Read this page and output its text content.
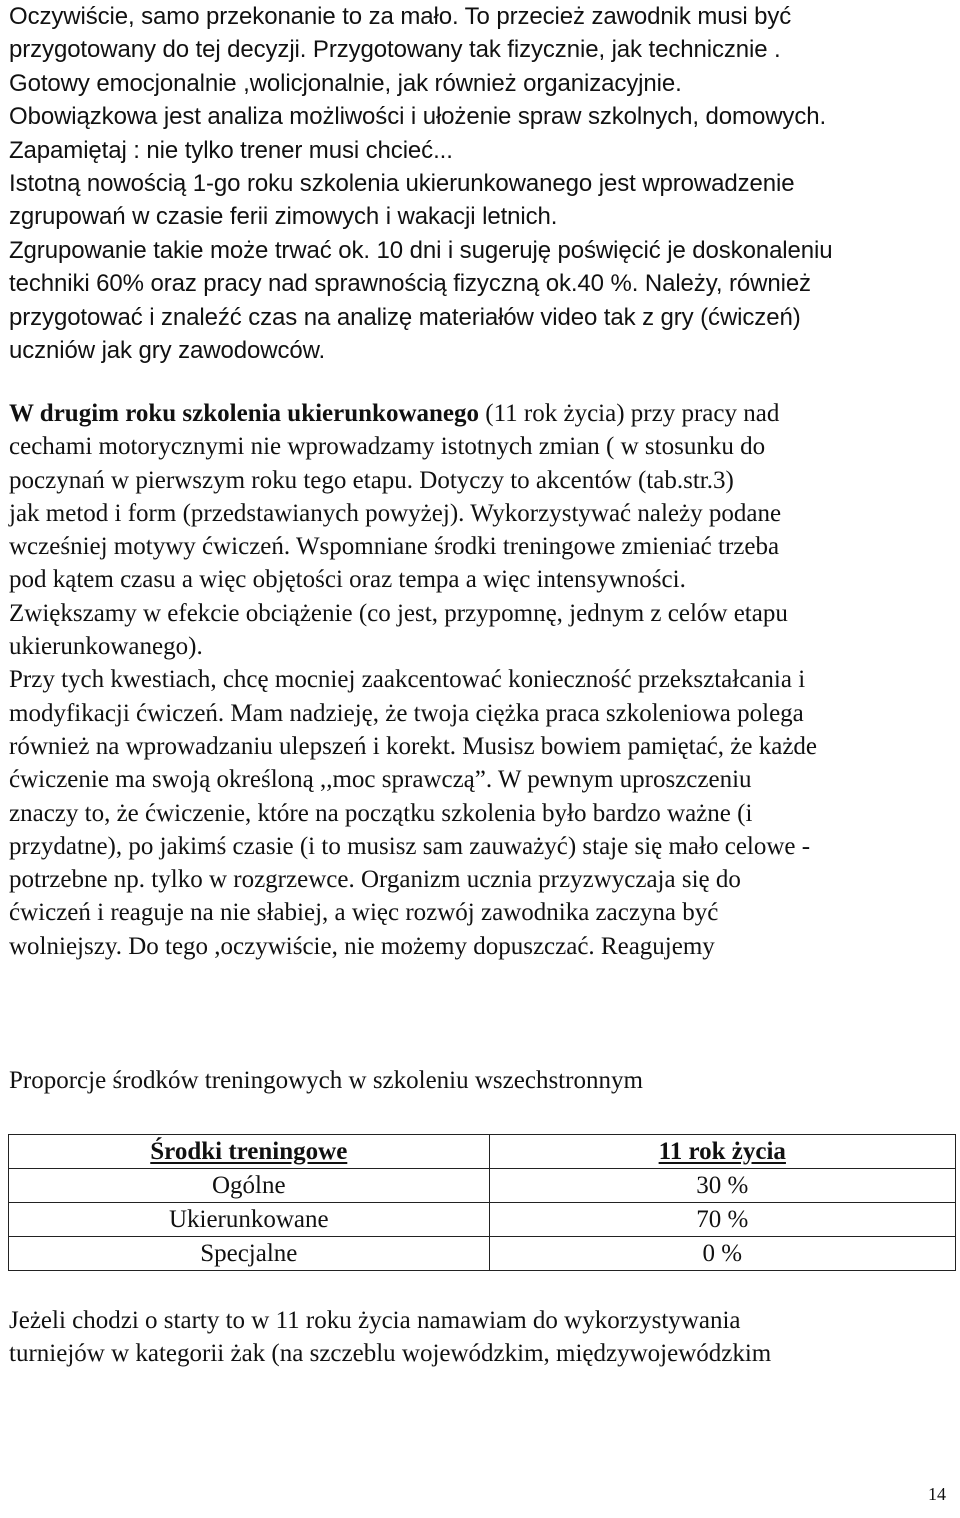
Oczywiście, samo przekonanie to za mało. To przecież zawodnik musi być
przygotowany do tej decyzji. Przygotowany tak fizycznie, jak technicznie .
Gotowy emocjonalnie ,wolicjonalnie, jak również organizacyjnie.
Obowiązkowa jest analiza możliwości i ułożenie spraw szkolnych, domowych.
Zapamiętaj : nie tylko trener musi chcieć...
Istotną nowością 1-go roku szkolenia ukierunkowanego jest wprowadzenie
zgrupowań w czasie ferii zimowych i wakacji letnich.
Zgrupowanie takie może trwać ok. 10 dni i sugeruję poświęcić je doskonaleniu
techniki 60% oraz pracy nad sprawnością fizyczną ok.40 %. Należy, również
przygotować i znaleźć czas na analizę materiałów video tak z gry (ćwiczeń)
uczniów jak gry zawodowców.
W drugim roku szkolenia ukierunkowanego (11 rok życia) przy pracy nad
cechami motorycznymi nie wprowadzamy istotnych zmian ( w stosunku do
poczynań w pierwszym roku tego etapu. Dotyczy to akcentów (tab.str.3)
jak metod i form (przedstawianych powyżej). Wykorzystywać należy podane
wcześniej motywy ćwiczeń. Wspomniane środki treningowe zmieniać trzeba
pod kątem czasu a więc objętości oraz tempa a więc intensywności.
Zwiększamy w efekcie obciążenie (co jest, przypomnę, jednym z celów etapu
ukierunkowanego).
Przy tych kwestiach, chcę mocniej zaakcentować konieczność przekształcania i
modyfikacji ćwiczeń. Mam nadzieję, że twoja ciężka praca szkoleniowa polega
również na wprowadzaniu ulepszeń i korekt. Musisz bowiem pamiętać, że każde
ćwiczenie ma swoją określoną ,,moc sprawczą”. W pewnym uproszczeniu
znaczy to, że ćwiczenie, które na początku szkolenia było bardzo ważne (i
przydatne), po jakimś czasie (i to musisz sam zauważyć) staje się mało celowe -
potrzebne np. tylko w rozgrzewce. Organizm ucznia przyzwyczaja się do
ćwiczeń i reaguje na nie słabiej, a więc rozwój zawodnika zaczyna być
wolniejszy. Do tego ,oczywiście, nie możemy dopuszczać. Reagujemy
Proporcje środków treningowych w szkoleniu wszechstronnym
Środki treningowe	11 rok życia
Ogólne	30 %
Ukierunkowane	70 %
Specjalne	0 %
Jeżeli chodzi o starty to w 11 roku życia namawiam do wykorzystywania
turniejów w kategorii żak (na szczeblu wojewódzkim, międzywojewódzkim
14
